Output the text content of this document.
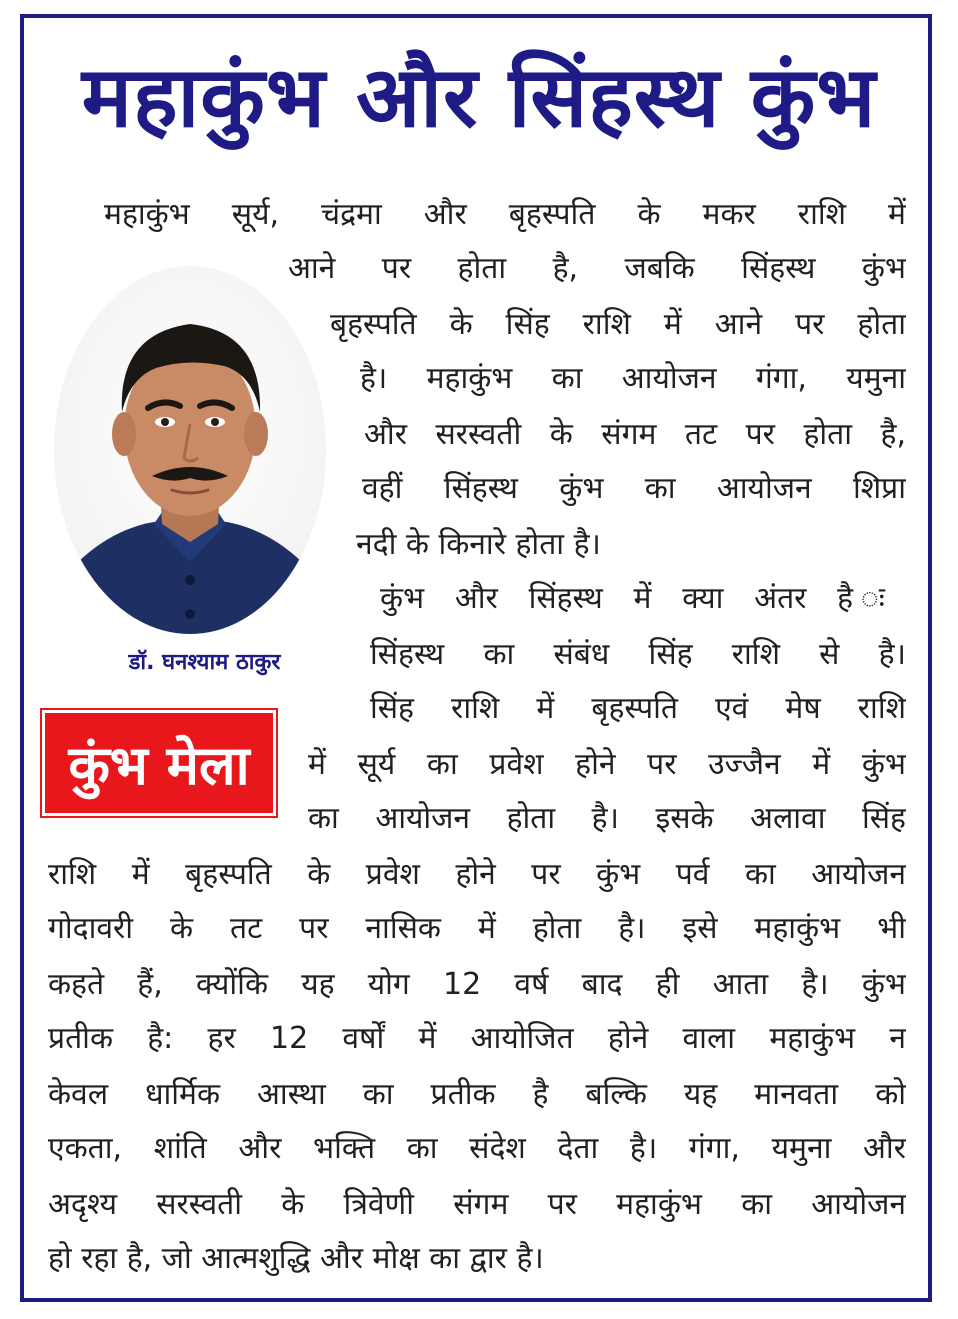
महाकुंभ और सिंहस्थ कुंभ
डॉ. घनश्याम ठाकुर
कुंभ मेला
महाकुंभ सूर्य, चंद्रमा और बृहस्पति के मकर राशि में
आने पर होता है, जबकि सिंहस्थ कुंभ
बृहस्पति के सिंह राशि में आने पर होता
है। महाकुंभ का आयोजन गंगा, यमुना
और सरस्वती के संगम तट पर होता है,
वहीं सिंहस्थ कुंभ का आयोजन शिप्रा
नदी के किनारे होता है।
कुंभ और सिंहस्थ में क्या अंतर है ः
सिंहस्थ का संबंध सिंह राशि से है।
सिंह राशि में बृहस्पति एवं मेष राशि
में सूर्य का प्रवेश होने पर उज्जैन में कुंभ
का आयोजन होता है। इसके अलावा सिंह
राशि में बृहस्पति के प्रवेश होने पर कुंभ पर्व का आयोजन
गोदावरी के तट पर नासिक में होता है। इसे महाकुंभ भी
कहते हैं, क्योंकि यह योग 12 वर्ष बाद ही आता है। कुंभ
प्रतीक है: हर 12 वर्षों में आयोजित होने वाला महाकुंभ न
केवल धार्मिक आस्था का प्रतीक है बल्कि यह मानवता को
एकता, शांति और भक्ति का संदेश देता है। गंगा, यमुना और
अदृश्य सरस्वती के त्रिवेणी संगम पर महाकुंभ का आयोजन
हो रहा है, जो आत्मशुद्धि और मोक्ष का द्वार है।
